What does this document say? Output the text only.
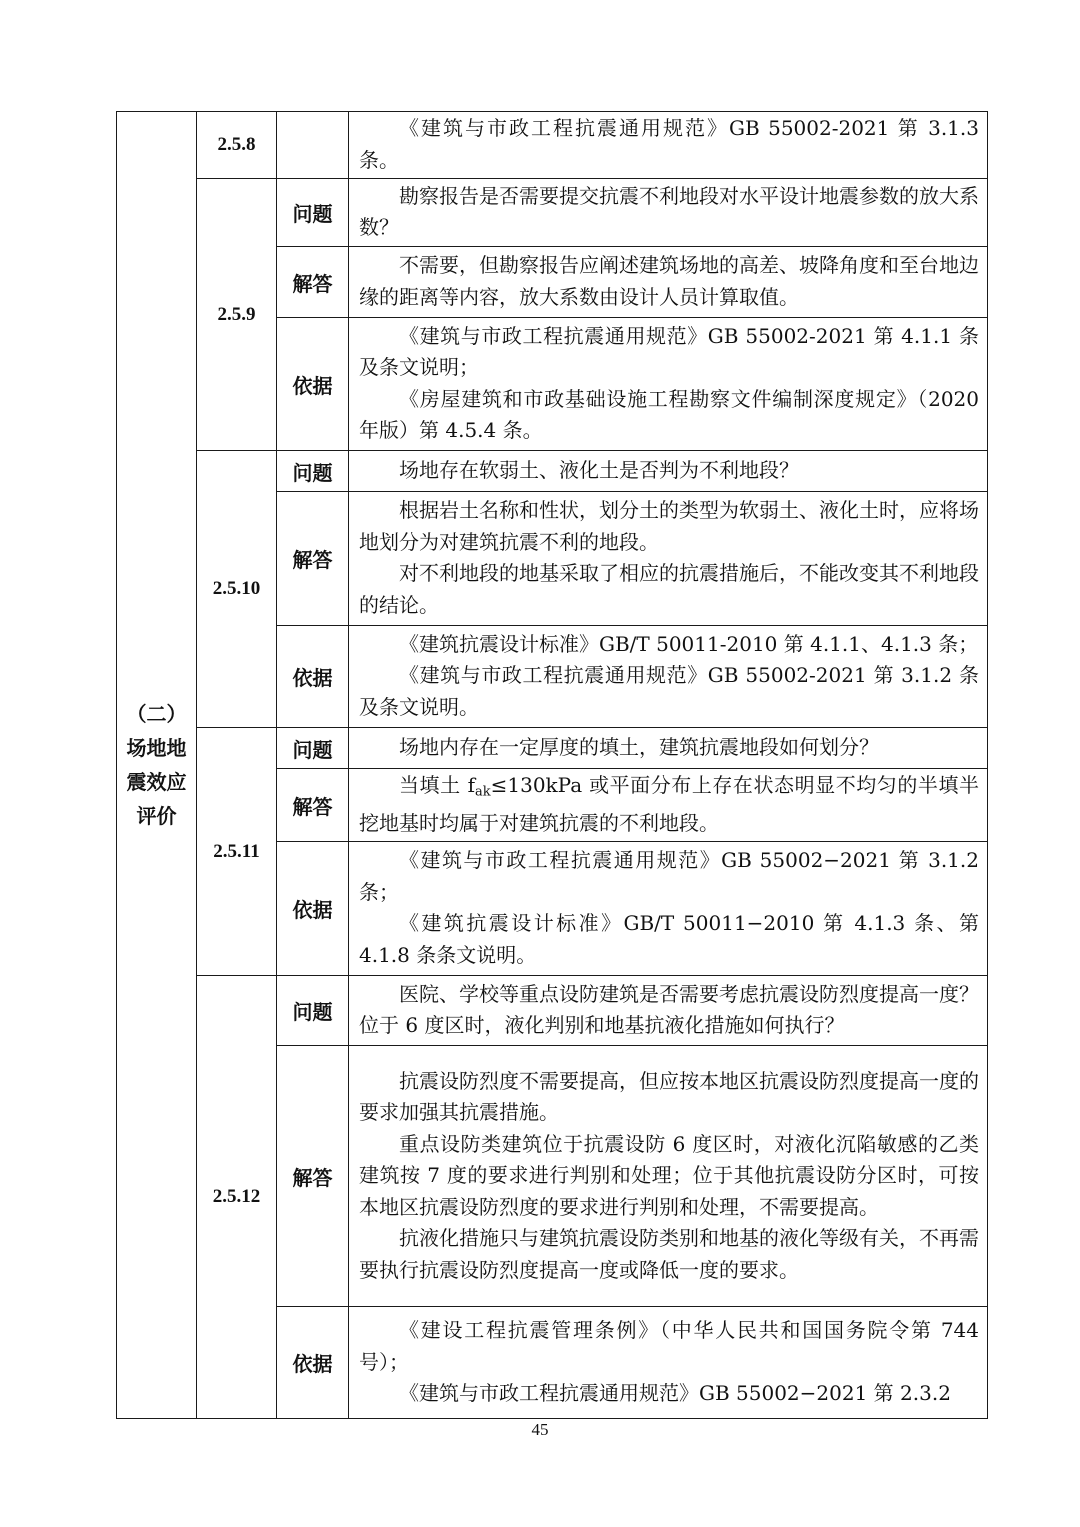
（二）场地地震效应评价	2.5.8		《建筑与市政工程抗震通用规范》GB 55002-2021 第 3.1.3 条。

	2.5.9	问题	勘察报告是否需要提交抗震不利地段对水平设计地震参数的放大系数？

		解答	不需要，但勘察报告应阐述建筑场地的高差、坡降角度和至台地边缘的距离等内容，放大系数由设计人员计算取值。

		依据	《建筑与市政工程抗震通用规范》GB 55002-2021 第 4.1.1 条及条文说明；

《房屋建筑和市政基础设施工程勘察文件编制深度规定》（2020 年版）第 4.5.4 条。

	2.5.10	问题	场地存在软弱土、液化土是否判为不利地段？

		解答	根据岩土名称和性状，划分土的类型为软弱土、液化土时，应将场地划分为对建筑抗震不利的地段。

对不利地段的地基采取了相应的抗震措施后，不能改变其不利地段的结论。

		依据	《建筑抗震设计标准》GB/T 50011-2010 第 4.1.1、4.1.3 条；

《建筑与市政工程抗震通用规范》GB 55002-2021 第 3.1.2 条及条文说明。

	2.5.11	问题	场地内存在一定厚度的填土，建筑抗震地段如何划分？

		解答	当填土 $f_{ak}\le 130kPa$ 或平面分布上存在状态明显不均匀的半填半挖地基时均属于对建筑抗震的不利地段。

		依据	《建筑与市政工程抗震通用规范》GB 55002−2021 第 3.1.2 条；

《建筑抗震设计标准》GB/T 50011−2010 第 4.1.3 条、第 4.1.8 条条文说明。

	2.5.12	问题	医院、学校等重点设防建筑是否需要考虑抗震设防烈度提高一度？位于 6 度区时，液化判别和地基抗液化措施如何执行？

		解答	抗震设防烈度不需要提高，但应按本地区抗震设防烈度提高一度的要求加强其抗震措施。

重点设防类建筑位于抗震设防 6 度区时，对液化沉陷敏感的乙类建筑按 7 度的要求进行判别和处理；位于其他抗震设防分区时，可按本地区抗震设防烈度的要求进行判别和处理，不需要提高。

抗液化措施只与建筑抗震设防类别和地基的液化等级有关，不再需要执行抗震设防烈度提高一度或降低一度的要求。

		依据	《建设工程抗震管理条例》（中华人民共和国国务院令第 744 号）；

《建筑与市政工程抗震通用规范》GB 55002−2021 第 2.3.2

45
